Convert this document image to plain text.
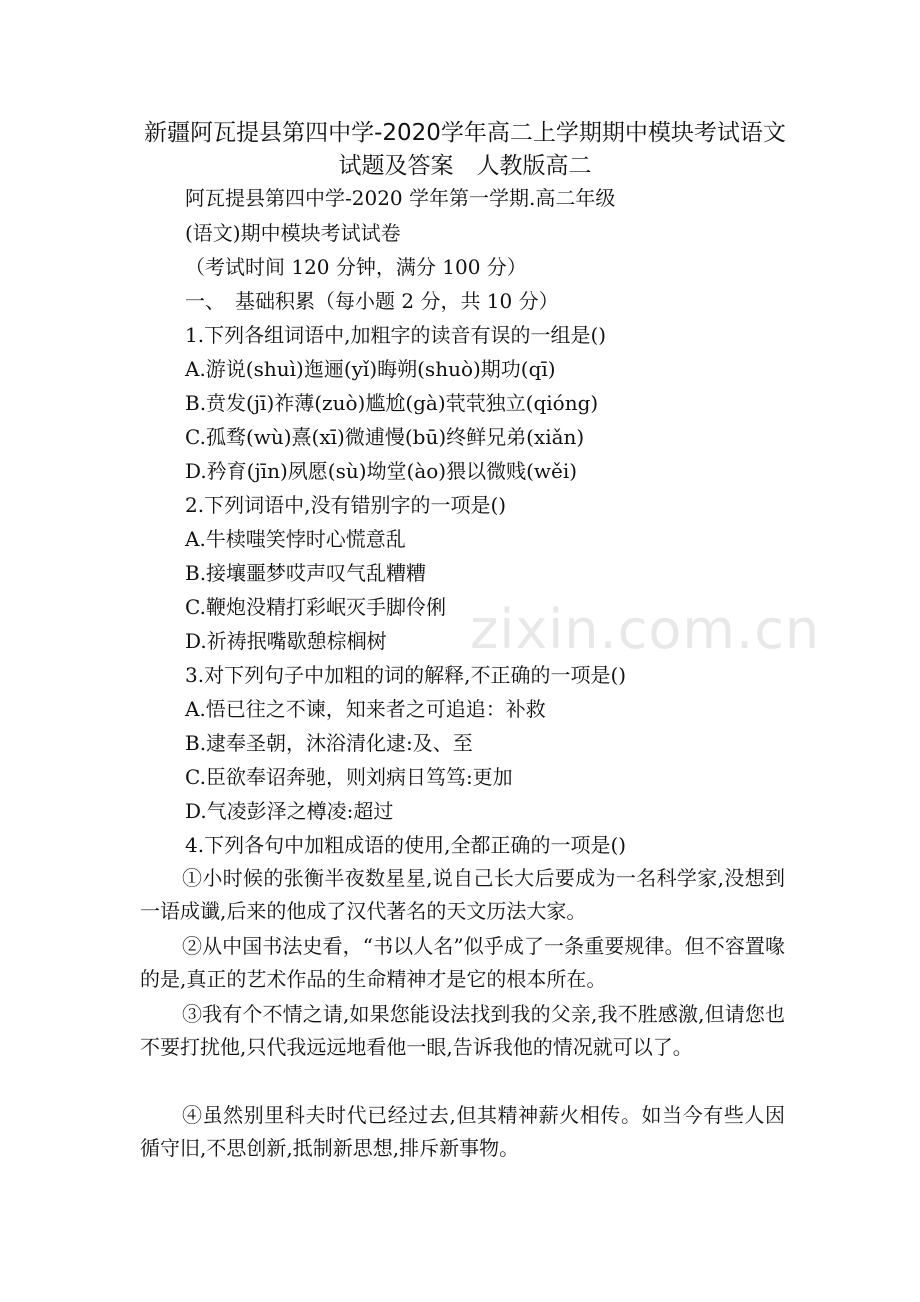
新疆阿瓦提县第四中学-2020学年高二上学期期中模块考试语文
试题及答案　人教版高二
阿瓦提县第四中学-2020 学年第一学期.高二年级
(语文)期中模块考试试卷
（考试时间 120 分钟，满分 100 分）
一、　基础积累（每小题 2 分，共 10 分）
1.下列各组词语中,加粗字的读音有误的一组是()
A.游说(shuì)迤逦(yǐ)晦朔(shuò)期功(qī)
B.贲发(jī)祚薄(zuò)尴尬(gà)茕茕独立(qióng)
C.孤骛(wù)熹(xī)微逋慢(bū)终鲜兄弟(xiǎn)
D.矜育(jīn)夙愿(sù)坳堂(ào)猥以微贱(wěi)
2.下列词语中,没有错别字的一项是()
A.牛椟嗤笑悖时心慌意乱
B.接壤噩梦哎声叹气乱糟糟
C.鞭炮没精打彩岷灭手脚伶俐
D.祈祷抿嘴歇憩棕榈树
3.对下列句子中加粗的词的解释,不正确的一项是()
A.悟已往之不谏，知来者之可追追：补救
B.逮奉圣朝，沐浴清化逮:及、至
C.臣欲奉诏奔驰，则刘病日笃笃:更加
D.气凌彭泽之樽凌:超过
4.下列各句中加粗成语的使用,全都正确的一项是()
①小时候的张衡半夜数星星,说自己长大后要成为一名科学家,没想到一语成谶,后来的他成了汉代著名的天文历法大家。
②从中国书法史看，“书以人名”似乎成了一条重要规律。但不容置喙的是,真正的艺术作品的生命精神才是它的根本所在。
③我有个不情之请,如果您能设法找到我的父亲,我不胜感激,但请您也不要打扰他,只代我远远地看他一眼,告诉我他的情况就可以了。
④虽然别里科夫时代已经过去,但其精神薪火相传。如当今有些人因循守旧,不思创新,抵制新思想,排斥新事物。
zixin.com.cn
